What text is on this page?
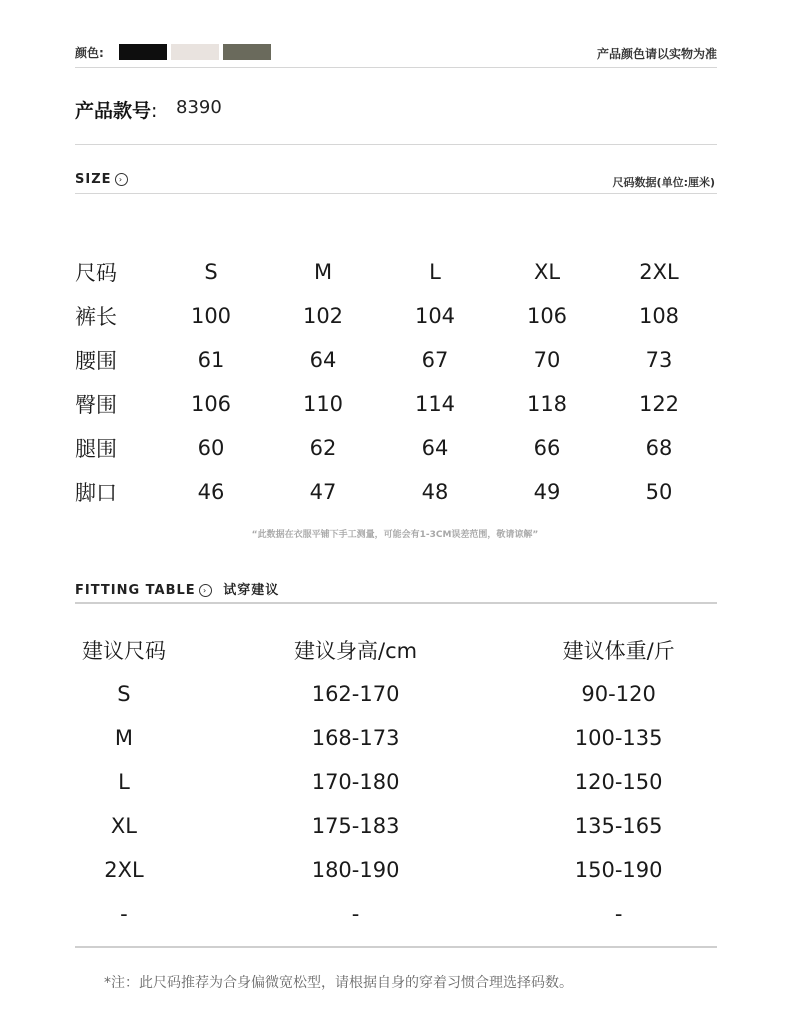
颜色:	产品颜色请以实物为准
产品款号: 8390
SIZE ›	尺码数据(单位:厘米)
尺码	S	M	L	XL	2XL
裤长	100	102	104	106	108
腰围	61	64	67	70	73
臀围	106	110	114	118	122
腿围	60	62	64	66	68
脚口	46	47	48	49	50
“此数据在衣服平铺下手工测量，可能会有1-3CM误差范围，敬请谅解”
FITTING TABLE › 试穿建议
建议尺码	建议身高/cm	建议体重/斤
S	162-170	90-120
M	168-173	100-135
L	170-180	120-150
XL	175-183	135-165
2XL	180-190	150-190
-	-	-
*注：此尺码推荐为合身偏微宽松型，请根据自身的穿着习惯合理选择码数。
